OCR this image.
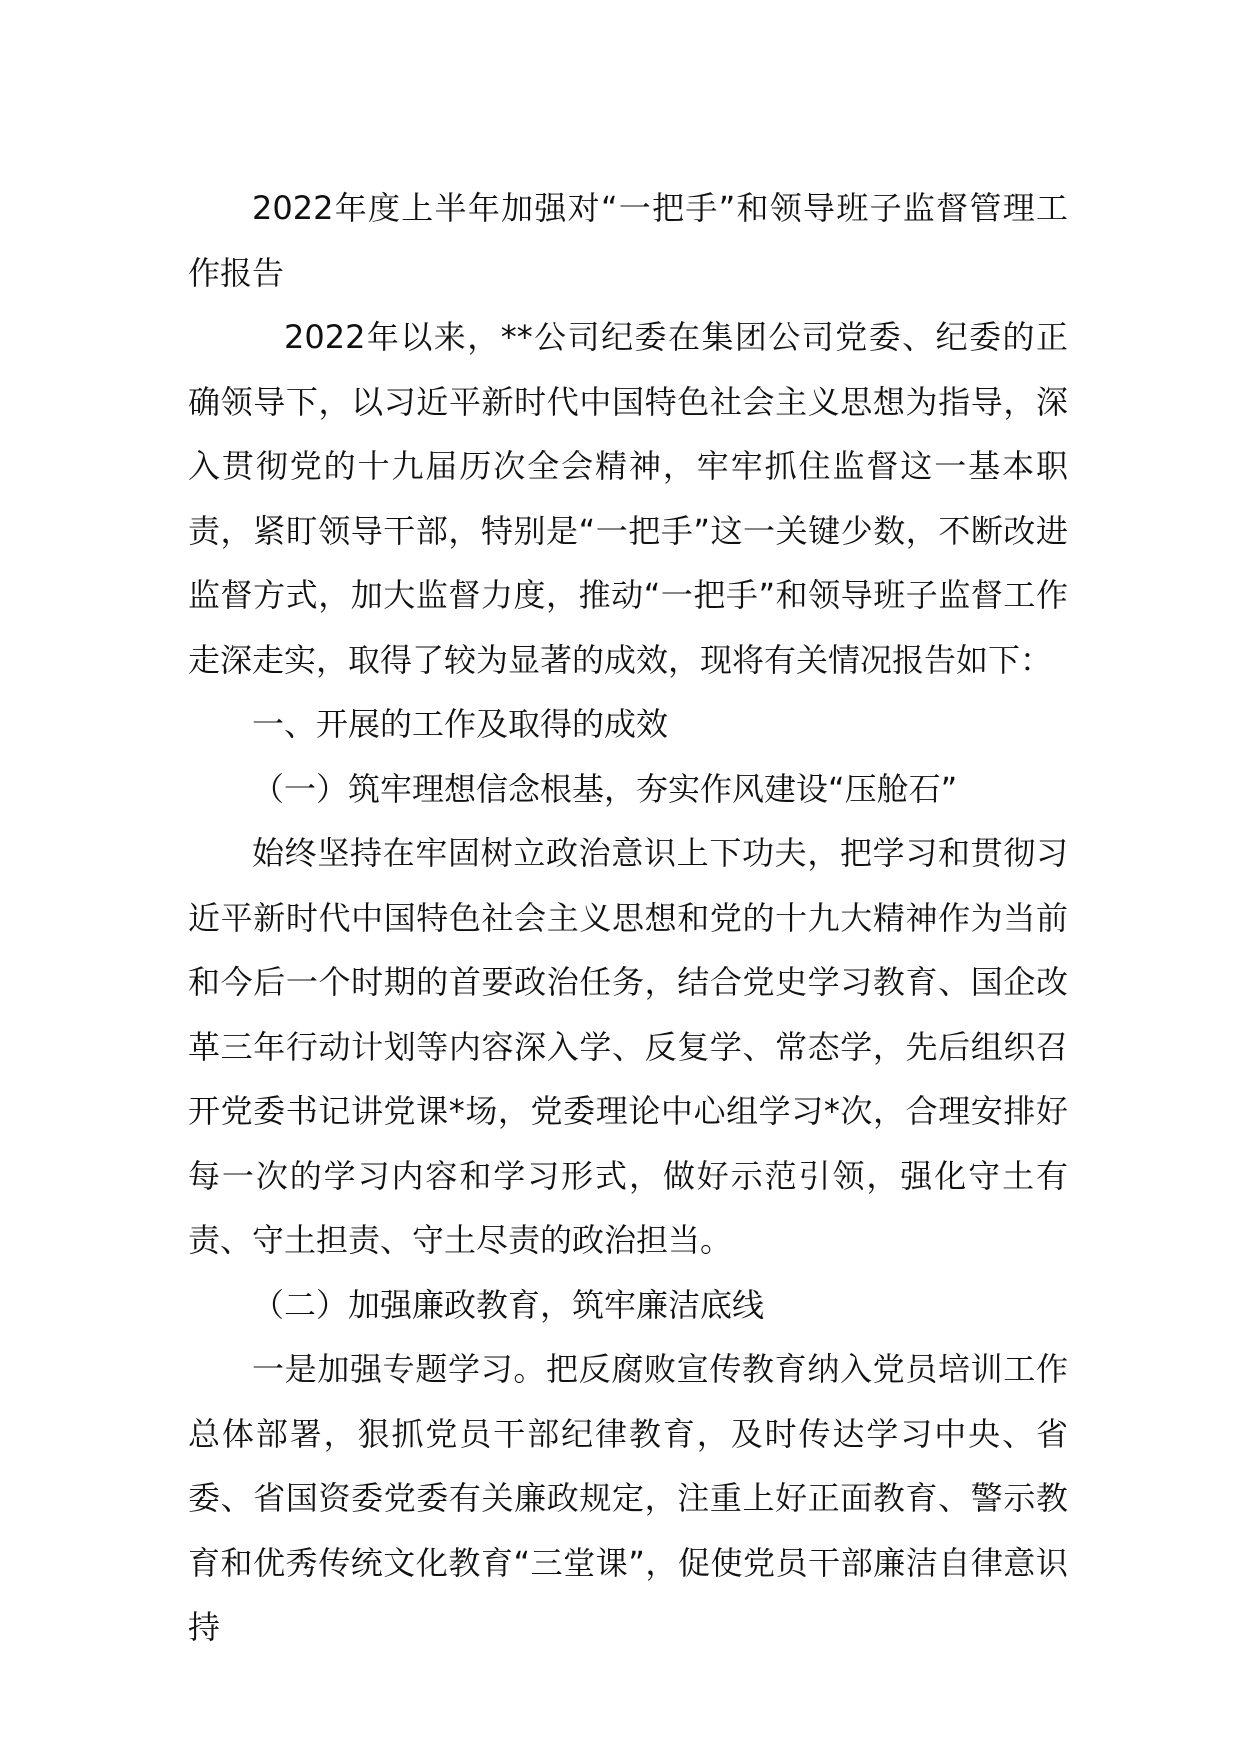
2022年度上半年加强对“一把手”和领导班子监督管理工作报告

2022年以来，**公司纪委在集团公司党委、纪委的正确领导下，以习近平新时代中国特色社会主义思想为指导，深入贯彻党的十九届历次全会精神，牢牢抓住监督这一基本职责，紧盯领导干部，特别是“一把手”这一关键少数，不断改进监督方式，加大监督力度，推动“一把手”和领导班子监督工作走深走实，取得了较为显著的成效，现将有关情况报告如下：

一、开展的工作及取得的成效

（一）筑牢理想信念根基，夯实作风建设“压舱石”

始终坚持在牢固树立政治意识上下功夫，把学习和贯彻习近平新时代中国特色社会主义思想和党的十九大精神作为当前和今后一个时期的首要政治任务，结合党史学习教育、国企改革三年行动计划等内容深入学、反复学、常态学，先后组织召开党委书记讲党课*场，党委理论中心组学习*次，合理安排好每一次的学习内容和学习形式，做好示范引领，强化守土有责、守土担责、守土尽责的政治担当。

（二）加强廉政教育，筑牢廉洁底线

一是加强专题学习。把反腐败宣传教育纳入党员培训工作总体部署，狠抓党员干部纪律教育，及时传达学习中央、省委、省国资委党委有关廉政规定，注重上好正面教育、警示教育和优秀传统文化教育“三堂课”，促使党员干部廉洁自律意识持
